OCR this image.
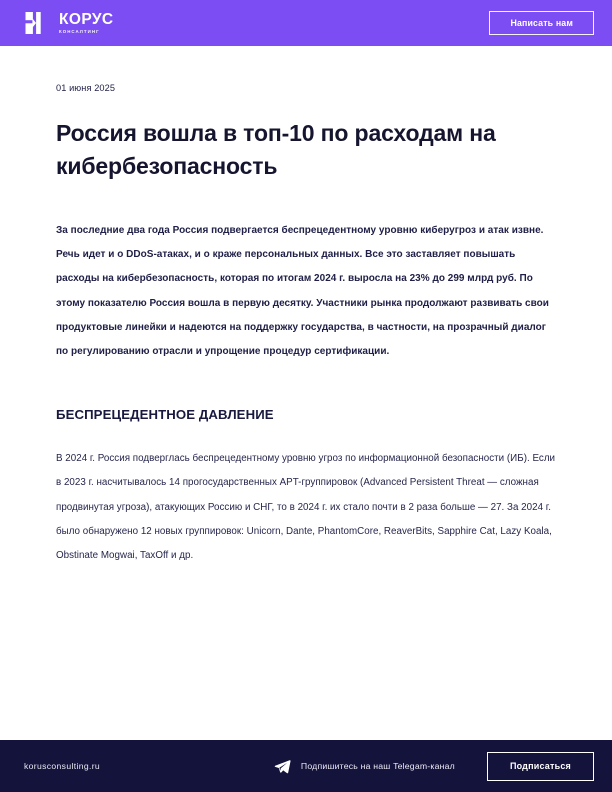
КОРУС
КОНСАЛТИНГ
Написать нам
01 июня 2025
Россия вошла в топ-10 по расходам на кибербезопасность

За последние два года Россия подвергается беспрецедентному уровню киберугроз и атак извне. Речь идет и о DDoS-атаках, и о краже персональных данных. Все это заставляет повышать расходы на кибербезопасность, которая по итогам 2024 г. выросла на 23% до 299 млрд руб. По этому показателю Россия вошла в первую десятку. Участники рынка продолжают развивать свои продуктовые линейки и надеются на поддержку государства, в частности, на прозрачный диалог по регулированию отрасли и упрощение процедур сертификации.

БЕСПРЕЦЕДЕНТНОЕ ДАВЛЕНИЕ

В 2024 г. Россия подверглась беспрецедентному уровню угроз по информационной безопасности (ИБ). Если в 2023 г. насчитывалось 14 прогосударственных APT-группировок (Advanced Persistent Threat — сложная продвинутая угроза), атакующих Россию и СНГ, то в 2024 г. их стало почти в 2 раза больше — 27. За 2024 г. было обнаружено 12 новых группировок: Unicorn, Dante, PhantomCore, ReaverBits, Sapphire Cat, Lazy Koala, Obstinate Mogwai, TaxOff и др.

korusconsulting.ru	Подпишитесь на наш Telegam-канал	Подписаться
